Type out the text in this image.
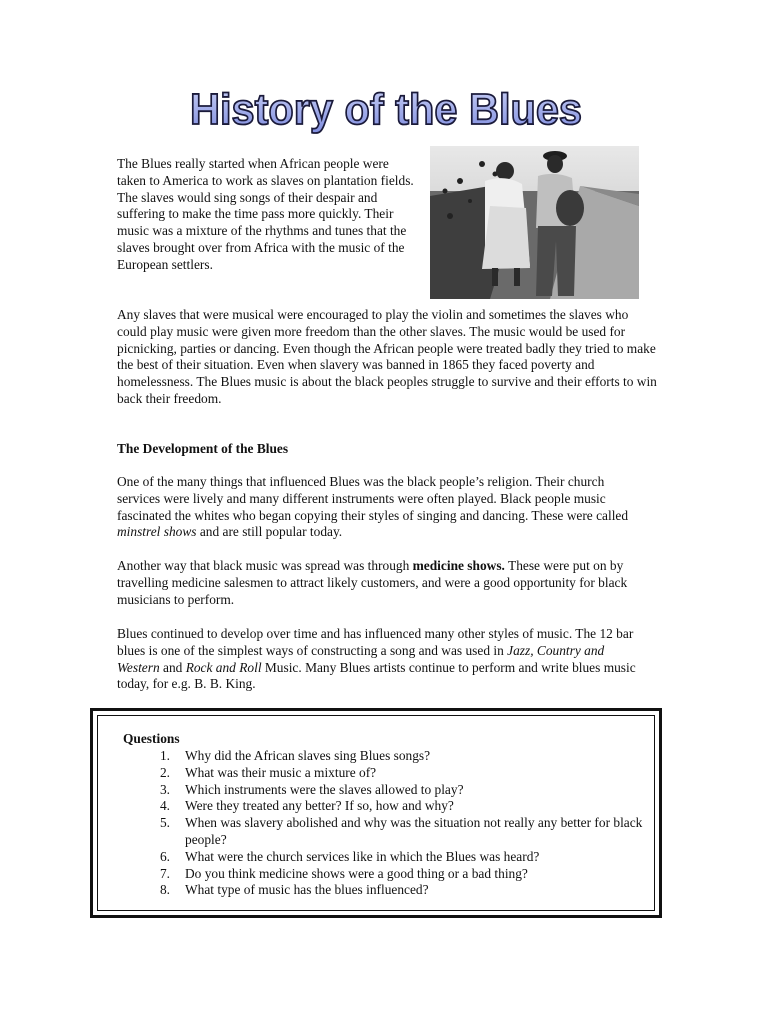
History of the Blues

The Blues really started when African people were taken to America to work as slaves on plantation fields. The slaves would sing songs of their despair and suffering to make the time pass more quickly. Their music was a mixture of the rhythms and tunes that the slaves brought over from Africa with the music of the European settlers.

Any slaves that were musical were encouraged to play the violin and sometimes the slaves who could play music were given more freedom than the other slaves. The music would be used for picnicking, parties or dancing. Even though the African people were treated badly they tried to make the best of their situation. Even when slavery was banned in 1865 they faced poverty and homelessness. The Blues music is about the black peoples struggle to survive and their efforts to win back their freedom.

The Development of the Blues

One of the many things that influenced Blues was the black people’s religion. Their church services were lively and many different instruments were often played. Black people music fascinated the whites who began copying their styles of singing and dancing. These were called minstrel shows and are still popular today.

Another way that black music was spread was through medicine shows. These were put on by travelling medicine salesmen to attract likely customers, and were a good opportunity for black musicians to perform.

Blues continued to develop over time and has influenced many other styles of music. The 12 bar blues is one of the simplest ways of constructing a song and was used in Jazz, Country and Western and Rock and Roll Music. Many Blues artists continue to perform and write blues music today, for e.g. B. B. King.

Questions
1. Why did the African slaves sing Blues songs?
2. What was their music a mixture of?
3. Which instruments were the slaves allowed to play?
4. Were they treated any better? If so, how and why?
5. When was slavery abolished and why was the situation not really any better for black people?
6. What were the church services like in which the Blues was heard?
7. Do you think medicine shows were a good thing or a bad thing?
8. What type of music has the blues influenced?
